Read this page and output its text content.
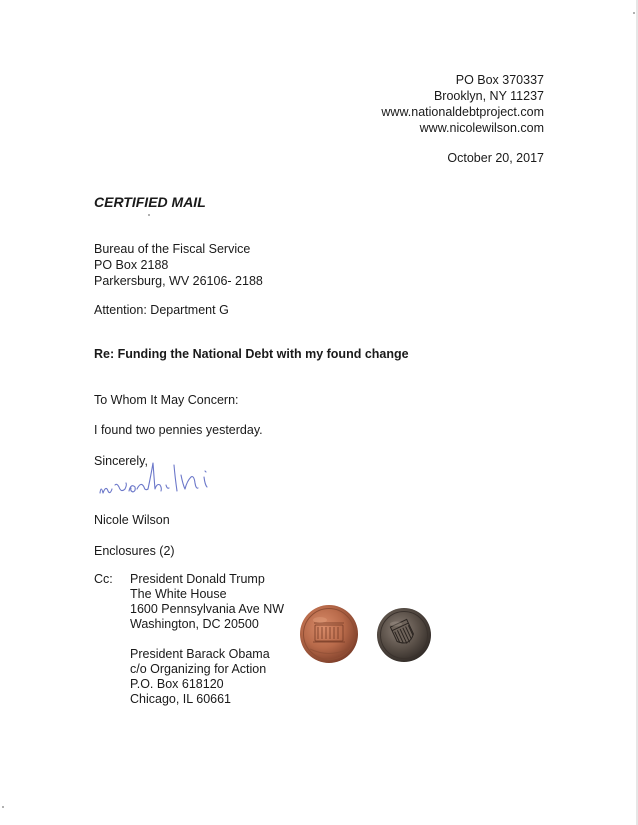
PO Box 370337
Brooklyn, NY 11237
www.nationaldebtproject.com
www.nicolewilson.com
October 20, 2017
CERTIFIED MAIL
Bureau of the Fiscal Service
PO Box 2188
Parkersburg, WV 26106- 2188
Attention: Department G
Re: Funding the National Debt with my found change
To Whom It May Concern:
I found two pennies yesterday.
Sincerely,
Nicole Wilson
Enclosures (2)
Cc: President Donald Trump
The White House
1600 Pennsylvania Ave NW
Washington, DC 20500
President Barack Obama
c/o Organizing for Action
P.O. Box 618120
Chicago, IL 60661
